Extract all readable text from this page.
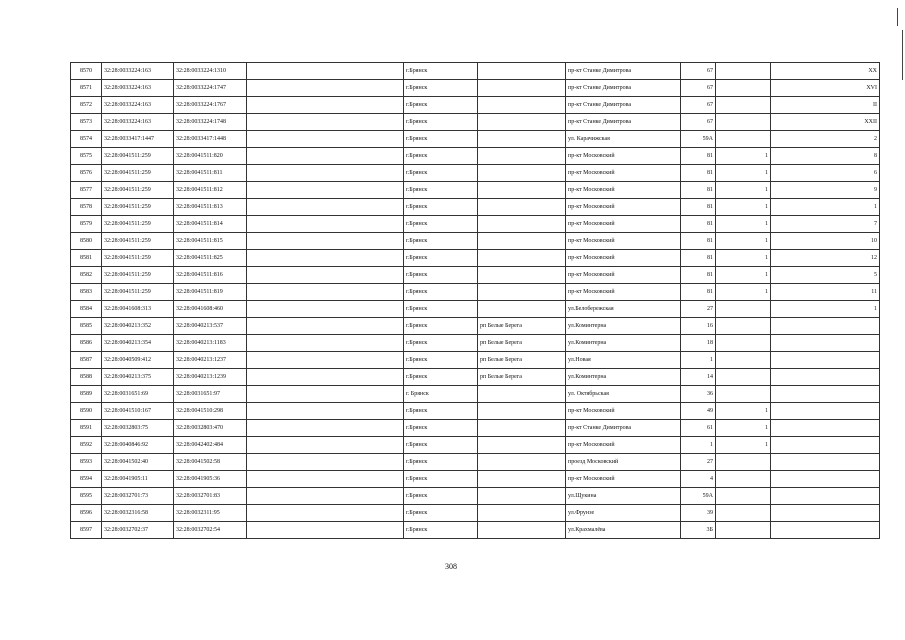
8570	32:28:0033224:163	32:28:0033224:1310		г.Брянск		пр-кт Станке Димитрова	67		XX
8571	32:28:0033224:163	32:28:0033224:1747		г.Брянск		пр-кт Станке Димитрова	67		XVI
8572	32:28:0033224:163	32:28:0033224:1767		г.Брянск		пр-кт Станке Димитрова	67		II
8573	32:28:0033224:163	32:28:0033224:1748		г.Брянск		пр-кт Станке Димитрова	67		XXII
8574	32:28:0033417:1447	32:28:0033417:1448		г.Брянск		ул. Карачижская	59А		2
8575	32:28:0041511:259	32:28:0041511:820		г.Брянск		пр-кт Московский	81	1	8
8576	32:28:0041511:259	32:28:0041511:811		г.Брянск		пр-кт Московский	81	1	6
8577	32:28:0041511:259	32:28:0041511:812		г.Брянск		пр-кт Московский	81	1	9
8578	32:28:0041511:259	32:28:0041511:813		г.Брянск		пр-кт Московский	81	1	1
8579	32:28:0041511:259	32:28:0041511:814		г.Брянск		пр-кт Московский	81	1	7
8580	32:28:0041511:259	32:28:0041511:815		г.Брянск		пр-кт Московский	81	1	10
8581	32:28:0041511:259	32:28:0041511:825		г.Брянск		пр-кт Московский	81	1	12
8582	32:28:0041511:259	32:28:0041511:816		г.Брянск		пр-кт Московский	81	1	5
8583	32:28:0041511:259	32:28:0041511:819		г.Брянск		пр-кт Московский	81	1	11
8584	32:28:0041608:313	32:28:0041608:460		г.Брянск		ул.Белобережская	27		1
8585	32:28:0040213:352	32:28:0040213:537		г.Брянск	рп Белые Берега	ул.Коминтерна	16		
8586	32:28:0040213:354	32:28:0040213:1183		г.Брянск	рп Белые Берега	ул.Коминтерна	18		
8587	32:28:0040509:412	32:28:0040213:1237		г.Брянск	рп Белые Берега	ул.Новая	1		
8588	32:28:0040213:375	32:28:0040213:1239		г.Брянск	рп Белые Берега	ул.Коминтерна	14		
8589	32:28:0031651:69	32:28:0031651:97		г. Брянск		ул. Октябрьская	36		
8590	32:28:0041510:167	32:28:0041510:298		г.Брянск		пр-кт Московский	49	1	
8591	32:28:0032803:75	32:28:0032803:470		г.Брянск		пр-кт Станке Димитрова	61	1	
8592	32:28:0040846:92	32:28:0042402:484		г.Брянск		пр-кт Московский	1	1	
8593	32:28:0041502:40	32:28:0041502:58		г.Брянск		проезд Московский	27		
8594	32:28:0041905:11	32:28:0041905:36		г.Брянск		пр-кт Московский	4		
8595	32:28:0032701:73	32:28:0032701:83		г.Брянск		ул.Щукина	59А		
8596	32:28:0032316:58	32:28:0032311:95		г.Брянск		ул.Фрунзе	39		
8597	32:28:0032702:37	32:28:0032702:54		г.Брянск		ул.Крахмалёва	3Б		
308
